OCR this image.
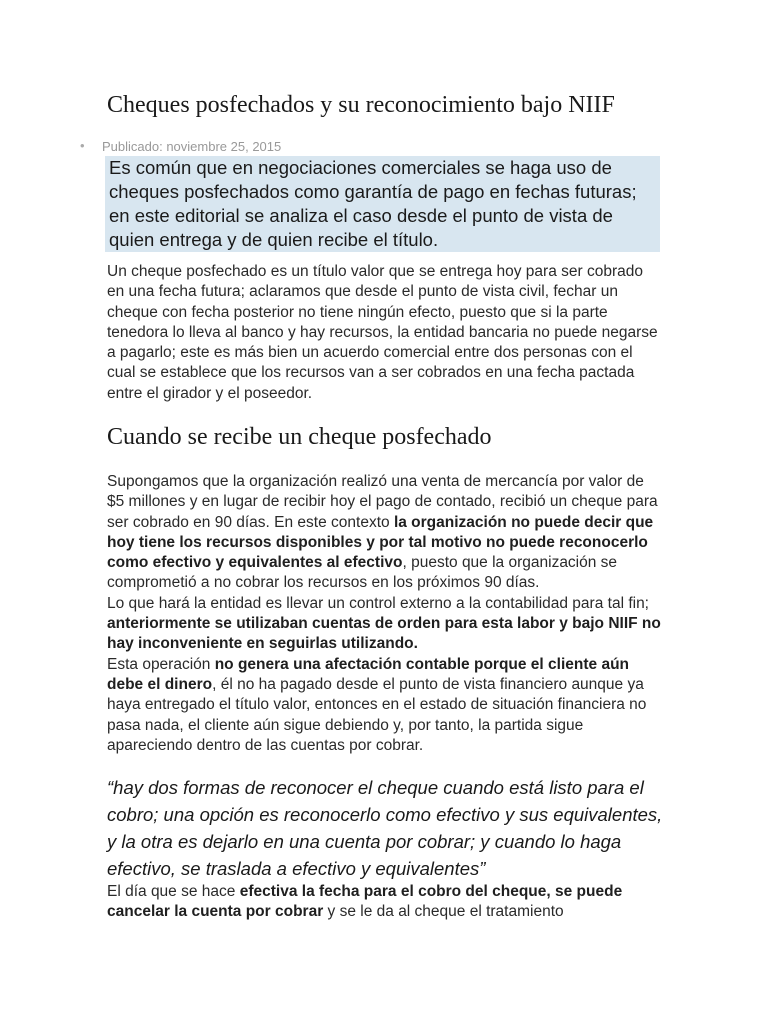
Cheques posfechados y su reconocimiento bajo NIIF
• Publicado: noviembre 25, 2015
Es común que en negociaciones comerciales se haga uso de cheques posfechados como garantía de pago en fechas futuras; en este editorial se analiza el caso desde el punto de vista de quien entrega y de quien recibe el título.
Un cheque posfechado es un título valor que se entrega hoy para ser cobrado en una fecha futura; aclaramos que desde el punto de vista civil, fechar un cheque con fecha posterior no tiene ningún efecto, puesto que si la parte tenedora lo lleva al banco y hay recursos, la entidad bancaria no puede negarse a pagarlo; este es más bien un acuerdo comercial entre dos personas con el cual se establece que los recursos van a ser cobrados en una fecha pactada entre el girador y el poseedor.
Cuando se recibe un cheque posfechado
Supongamos que la organización realizó una venta de mercancía por valor de $5 millones y en lugar de recibir hoy el pago de contado, recibió un cheque para ser cobrado en 90 días. En este contexto la organización no puede decir que hoy tiene los recursos disponibles y por tal motivo no puede reconocerlo como efectivo y equivalentes al efectivo, puesto que la organización se comprometió a no cobrar los recursos en los próximos 90 días.
Lo que hará la entidad es llevar un control externo a la contabilidad para tal fin; anteriormente se utilizaban cuentas de orden para esta labor y bajo NIIF no hay inconveniente en seguirlas utilizando.
Esta operación no genera una afectación contable porque el cliente aún debe el dinero, él no ha pagado desde el punto de vista financiero aunque ya haya entregado el título valor, entonces en el estado de situación financiera no pasa nada, el cliente aún sigue debiendo y, por tanto, la partida sigue apareciendo dentro de las cuentas por cobrar.
“hay dos formas de reconocer el cheque cuando está listo para el cobro; una opción es reconocerlo como efectivo y sus equivalentes, y la otra es dejarlo en una cuenta por cobrar; y cuando lo haga efectivo, se traslada a efectivo y equivalentes”
El día que se hace efectiva la fecha para el cobro del cheque, se puede cancelar la cuenta por cobrar y se le da al cheque el tratamiento
